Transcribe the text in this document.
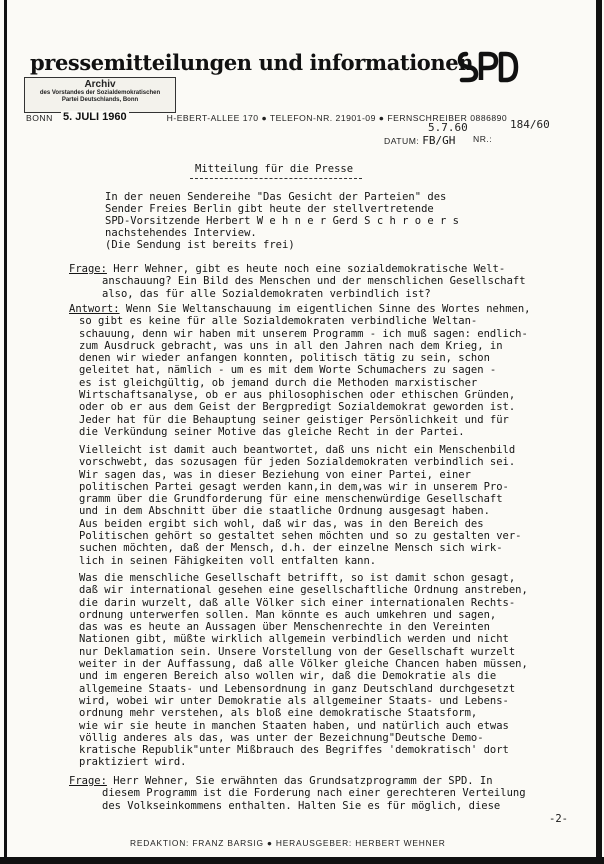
pressemitteilungen und informationen
Archiv
des Vorstandes der Sozialdemokratischen
Partei Deutschlands, Bonn
BONN	H-EBERT-ALLEE 170 ● TELEFON-NR. 21901-09 ● FERNSCHREIBER 0886890
5. JULI 1960
5.7.60	184/60
DATUM: FB/GH NR.:
Mitteilung für die Presse
In der neuen Sendereihe "Das Gesicht der Parteien" des
Sender Freies Berlin gibt heute der stellvertretende
SPD-Vorsitzende Herbert W e h n e r Gerd S c h r o e r s
nachstehendes Interview.
(Die Sendung ist bereits frei)
Frage: Herr Wehner, gibt es heute noch eine sozialdemokratische Welt-
anschauung? Ein Bild des Menschen und der menschlichen Gesellschaft
also, das für alle Sozialdemokraten verbindlich ist?
Antwort: Wenn Sie Weltanschauung im eigentlichen Sinne des Wortes nehmen,
so gibt es keine für alle Sozialdemokraten verbindliche Weltan-
schauung, denn wir haben mit unserem Programm - ich muß sagen: endlich-
zum Ausdruck gebracht, was uns in all den Jahren nach dem Krieg, in
denen wir wieder anfangen konnten, politisch tätig zu sein, schon
geleitet hat, nämlich - um es mit dem Worte Schumachers zu sagen -
es ist gleichgültig, ob jemand durch die Methoden marxistischer
Wirtschaftsanalyse, ob er aus philosophischen oder ethischen Gründen,
oder ob er aus dem Geist der Bergpredigt Sozialdemokrat geworden ist.
Jeder hat für die Behauptung seiner geistiger Persönlichkeit und für
die Verkündung seiner Motive das gleiche Recht in der Partei.
Vielleicht ist damit auch beantwortet, daß uns nicht ein Menschenbild
vorschwebt, das sozusagen für jeden Sozialdemokraten verbindlich sei.
Wir sagen das, was in dieser Beziehung von einer Partei, einer
politischen Partei gesagt werden kann,in dem,was wir in unserem Pro-
gramm über die Grundforderung für eine menschenwürdige Gesellschaft
und in dem Abschnitt über die staatliche Ordnung ausgesagt haben.
Aus beiden ergibt sich wohl, daß wir das, was in den Bereich des
Politischen gehört so gestaltet sehen möchten und so zu gestalten ver-
suchen möchten, daß der Mensch, d.h. der einzelne Mensch sich wirk-
lich in seinen Fähigkeiten voll entfalten kann.
Was die menschliche Gesellschaft betrifft, so ist damit schon gesagt,
daß wir international gesehen eine gesellschaftliche Ordnung anstreben,
die darin wurzelt, daß alle Völker sich einer internationalen Rechts-
ordnung unterwerfen sollen. Man könnte es auch umkehren und sagen,
das was es heute an Aussagen über Menschenrechte in den Vereinten
Nationen gibt, müßte wirklich allgemein verbindlich werden und nicht
nur Deklamation sein. Unsere Vorstellung von der Gesellschaft wurzelt
weiter in der Auffassung, daß alle Völker gleiche Chancen haben müssen,
und im engeren Bereich also wollen wir, daß die Demokratie als die
allgemeine Staats- und Lebensordnung in ganz Deutschland durchgesetzt
wird, wobei wir unter Demokratie als allgemeiner Staats- und Lebens-
ordnung mehr verstehen, als bloß eine demokratische Staatsform,
wie wir sie heute in manchen Staaten haben, und natürlich auch etwas
völlig anderes als das, was unter der Bezeichnung"Deutsche Demo-
kratische Republik"unter Mißbrauch des Begriffes 'demokratisch' dort
praktiziert wird.
Frage: Herr Wehner, Sie erwähnten das Grundsatzprogramm der SPD. In
diesem Programm ist die Forderung nach einer gerechteren Verteilung
des Volkseinkommens enthalten. Halten Sie es für möglich, diese
-2-
REDAKTION: FRANZ BARSIG ● HERAUSGEBER: HERBERT WEHNER
